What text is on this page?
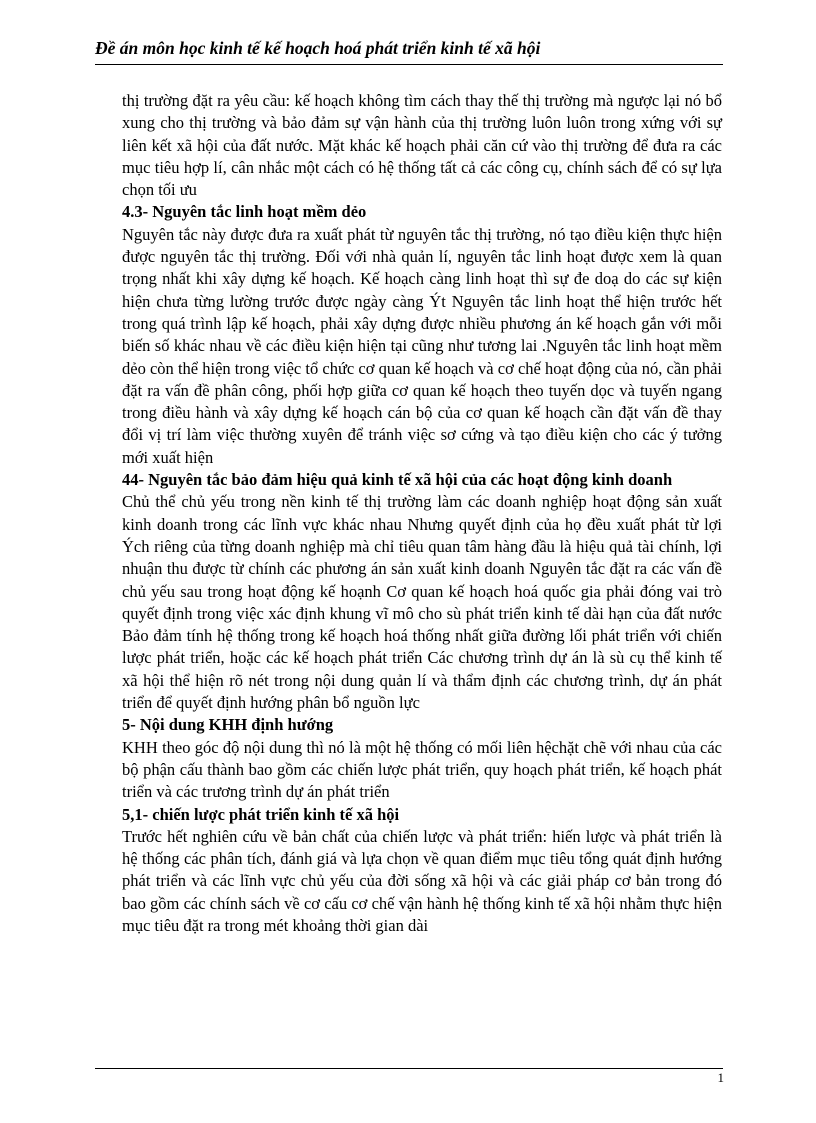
Đề án môn học kinh tế kế hoạch hoá phát triển kinh tế xã hội

thị trường đặt ra yêu cầu: kế hoạch không tìm cách thay thế thị trường mà ngược lại nó bổ xung cho thị trường và bảo đảm sự vận hành của thị trường luôn luôn trong xứng với sự liên kết xã hội của đất nước. Mặt khác kế hoạch phải căn cứ vào thị trường để đưa ra các mục tiêu hợp lí, cân nhắc một cách có hệ thống tất cả các công cụ, chính sách để có sự lựa chọn tối ưu

4.3- Nguyên tắc linh hoạt mềm dẻo

Nguyên tắc này được đưa ra xuất phát từ nguyên tắc thị trường, nó tạo điều kiện thực hiện được nguyên tắc thị trường. Đối với nhà quản lí, nguyên tắc linh hoạt được xem là quan trọng nhất khi xây dựng kế hoạch. Kế hoạch càng linh hoạt thì sự đe doạ do các sự kiện hiện chưa từng lường trước được ngày càng Ýt Nguyên tắc linh hoạt thể hiện trước hết trong quá trình lập kế hoạch, phải xây dựng được nhiều phương án kế hoạch gắn với mỗi biến số khác nhau về các điều kiện hiện tại cũng như tương lai .Nguyên tắc linh hoạt mềm dẻo còn thể hiện trong việc tổ chức cơ quan kế hoạch và cơ chế hoạt động của nó, cần phải đặt ra vấn đề phân công, phối hợp giữa cơ quan kế hoạch theo tuyến dọc và tuyến ngang trong điều hành và xây dựng kế hoạch cán bộ của cơ quan kế hoạch cần đặt vấn đề thay đổi vị trí làm việc thường xuyên để tránh việc sơ cứng và tạo điều kiện cho các ý tưởng mới xuất hiện

44- Nguyên tắc bảo đảm hiệu quả kinh tế xã hội của các hoạt động kinh doanh

Chủ thể chủ yếu trong nền kinh tế thị trường làm các doanh nghiệp hoạt động sản xuất kinh doanh trong các lĩnh vực khác nhau Nhưng quyết định của họ đều xuất phát từ lợi Ých riêng của từng doanh nghiệp mà chỉ tiêu quan tâm hàng đầu là hiệu quả tài chính, lợi nhuận thu được từ chính các phương án sản xuất kinh doanh Nguyên tắc đặt ra các vấn đề chủ yếu sau trong hoạt động kế hoạnh Cơ quan kế hoạch hoá quốc gia phải đóng vai trò quyết định trong việc xác định khung vĩ mô cho sù phát triển kinh tế dài hạn của đất nước Bảo đảm tính hệ thống trong kế hoạch hoá thống nhất giữa đường lối phát triển với chiến lược phát triển, hoặc các kế hoạch phát triển Các chương trình dự án là sù cụ thể kinh tế xã hội thể hiện rõ nét trong nội dung quản lí và thẩm định các chương trình, dự án phát triển để quyết định hướng phân bổ nguồn lực

5- Nội dung KHH định hướng

KHH theo góc độ nội dung thì nó là một hệ thống có mối liên hệchặt chẽ với nhau của các bộ phận cấu thành bao gồm các chiến lược phát triển, quy hoạch phát triển, kế hoạch phát triển và các trương trình dự án phát triển

5,1- chiến lược phát triển kinh tế xã hội

Trước hết nghiên cứu về bản chất của chiến lược và phát triển: hiến lược và phát triển là hệ thống các phân tích, đánh giá và lựa chọn về quan điểm mục tiêu tổng quát định hướng phát triển và các lĩnh vực chủ yếu của đời sống xã hội và các giải pháp cơ bản trong đó bao gồm các chính sách về cơ cấu cơ chế vận hành hệ thống kinh tế xã hội nhằm thực hiện mục tiêu đặt ra trong mét khoảng thời gian dài

1
